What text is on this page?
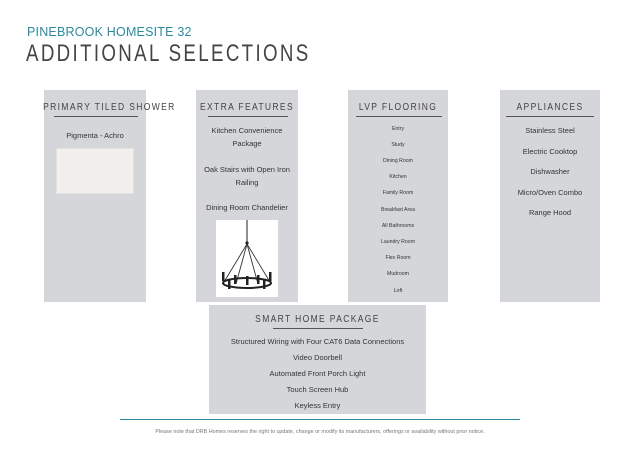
PINEBROOK HOMESITE 32
ADDITIONAL SELECTIONS
PRIMARY TILED SHOWER
Pigmenta - Achro
EXTRA FEATURES
Kitchen Convenience
Package
Oak Stairs with Open Iron
Railing
Dining Room Chandelier
LVP FLOORING
Entry
Study
Dining Room
Kitchen
Family Room
Breakfast Area
All Bathrooms
Laundry Room
Flex Room
Mudroom
Loft
APPLIANCES
Stainless Steel
Electric Cooktop
Dishwasher
Micro/Oven Combo
Range Hood
SMART HOME PACKAGE
Structured Wiring with Four CAT6 Data Connections
Video Doorbell
Automated Front Porch Light
Touch Screen Hub
Keyless Entry
Please note that DRB Homes reserves the right to update, change or modify its manufacturers, offerings or availability without prior notice.
